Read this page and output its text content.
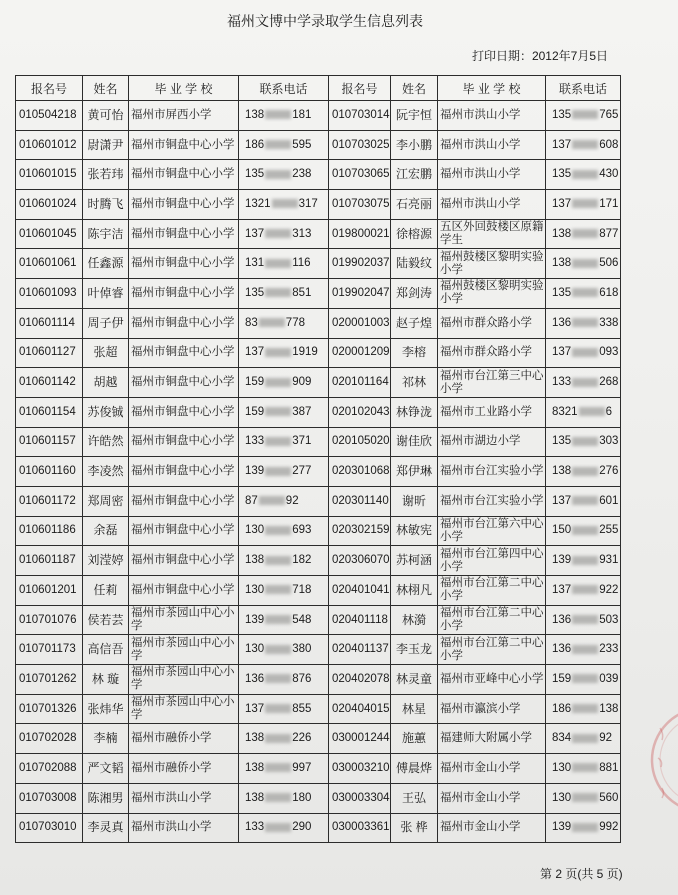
福州文博中学录取学生信息列表
打印日期：2012年7月5日
报名号	姓名	毕 业 学 校	联系电话	报名号	姓名	毕 业 学 校	联系电话
010504218	黄可怡	福州市屏西小学	138 181	010703014	阮宇恒	福州市洪山小学	135 765
010601012	尉潇尹	福州市铜盘中心小学	186 595	010703025	李小鹏	福州市洪山小学	137 608
010601015	张若玮	福州市铜盘中心小学	135 238	010703065	江宏鹏	福州市洪山小学	135 430
010601024	时腾飞	福州市铜盘中心小学	1321 317	010703075	石亮丽	福州市洪山小学	137 171
010601045	陈宇洁	福州市铜盘中心小学	137 313	019800021	徐榕源	五区外回鼓楼区原籍学生	138 877
010601061	任鑫源	福州市铜盘中心小学	131 116	019902037	陆毅纹	福州鼓楼区黎明实验小学	138 506
010601093	叶倬睿	福州市铜盘中心小学	135 851	019902047	郑剑涛	福州鼓楼区黎明实验小学	135 618
010601114	周子伊	福州市铜盘中心小学	83 778	020001003	赵子煌	福州市群众路小学	136 338
010601127	张超	福州市铜盘中心小学	137 1919	020001209	李榕	福州市群众路小学	137 093
010601142	胡越	福州市铜盘中心小学	159 909	020101164	祁林	福州市台江第三中心小学	133 268
010601154	苏俊铖	福州市铜盘中心小学	159 387	020102043	林铮泷	福州市工业路小学	8321 6
010601157	许皓然	福州市铜盘中心小学	133 371	020105020	谢佳欣	福州市湖边小学	135 303
010601160	李凌然	福州市铜盘中心小学	139 277	020301068	郑伊琳	福州市台江实验小学	138 276
010601172	郑周密	福州市铜盘中心小学	87 92	020301140	谢昕	福州市台江实验小学	137 601
010601186	余磊	福州市铜盘中心小学	130 693	020302159	林敏宪	福州市台江第六中心小学	150 255
010601187	刘滢婷	福州市铜盘中心小学	138 182	020306070	苏柯涵	福州市台江第四中心小学	139 931
010601201	任莉	福州市铜盘中心小学	130 718	020401041	林栩凡	福州市台江第二中心小学	137 922
010701076	侯若芸	福州市茶园山中心小学	139 548	020401118	林漪	福州市台江第二中心小学	136 503
010701173	高信吾	福州市茶园山中心小学	130 380	020401137	李玉龙	福州市台江第二中心小学	136 233
010701262	林 璇	福州市茶园山中心小学	136 876	020402078	林灵童	福州市亚峰中心小学	159 039
010701326	张炜华	福州市茶园山中心小学	137 855	020404015	林星	福州市瀛滨小学	186 138
010702028	李楠	福州市融侨小学	138 226	030001244	施蕙	福建师大附属小学	834 92
010702088	严文韬	福州市融侨小学	138 997	030003210	傅晨烨	福州市金山小学	130 881
010703008	陈湘男	福州市洪山小学	138 180	030003304	王弘	福州市金山小学	130 560
010703010	李灵真	福州市洪山小学	133 290	030003361	张 桦	福州市金山小学	139 992
第 2 页(共 5 页)
